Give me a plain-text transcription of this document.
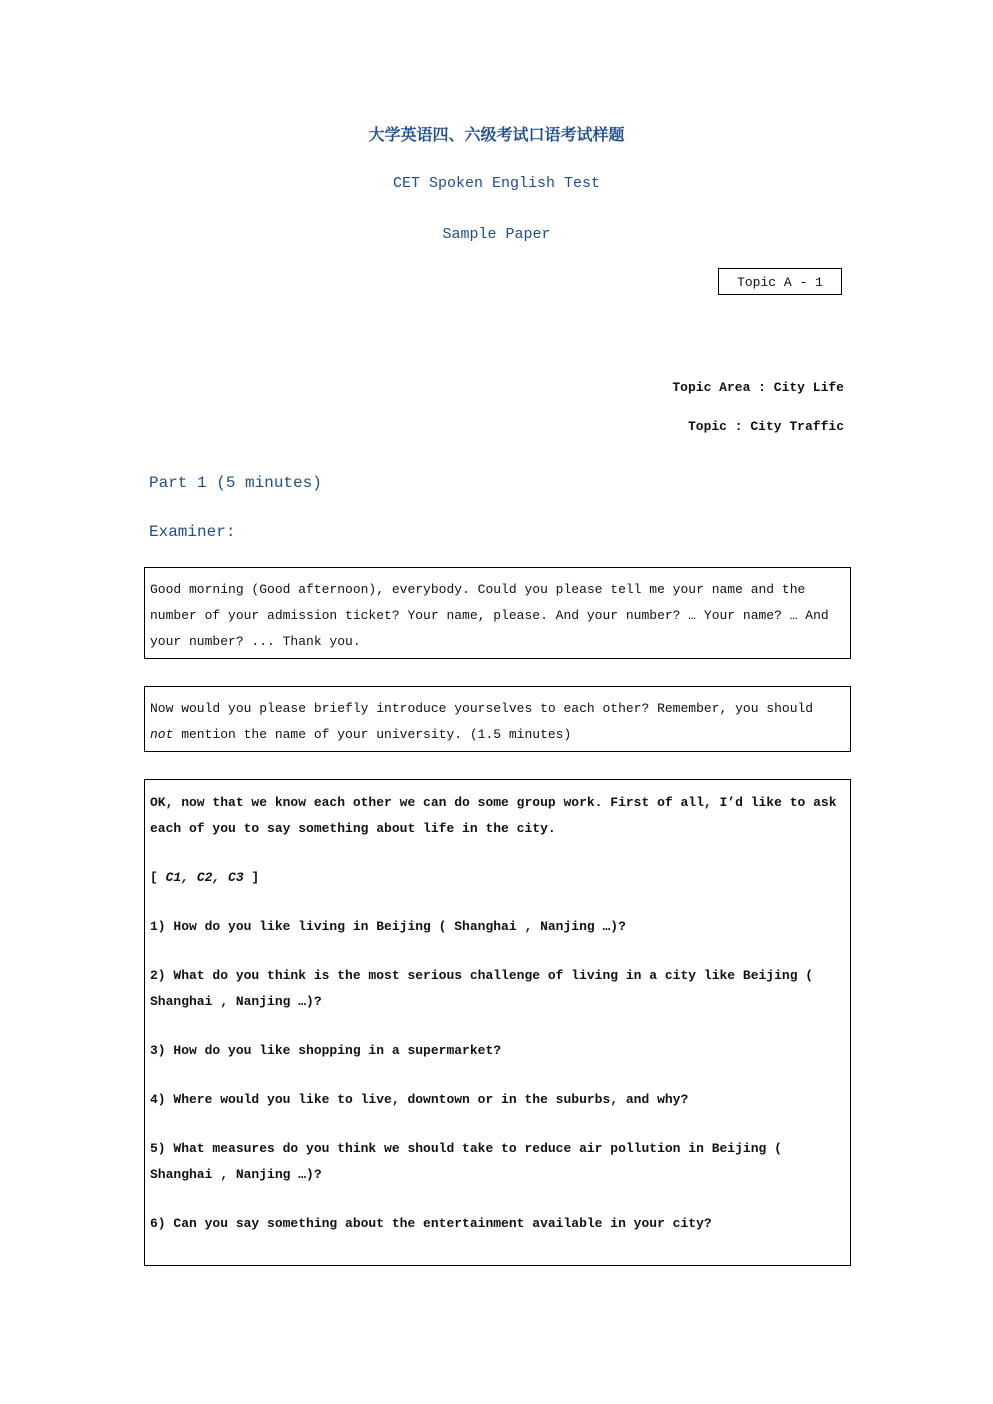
大学英语四、六级考试口语考试样题
CET Spoken English Test
Sample Paper
Topic A - 1
Topic Area : City Life
Topic : City Traffic
Part 1 (5 minutes)
Examiner:
Good morning (Good afternoon), everybody. Could you please tell me your name and the number of your admission ticket? Your name, please. And your number? … Your name? … And your number? ... Thank you.
Now would you please briefly introduce yourselves to each other? Remember, you should not mention the name of your university. (1.5 minutes)
OK, now that we know each other we can do some group work. First of all, I’d like to ask each of you to say something about life in the city.
[ C1, C2, C3 ]
1) How do you like living in Beijing ( Shanghai , Nanjing …)?
2) What do you think is the most serious challenge of living in a city like Beijing ( Shanghai , Nanjing …)?
3) How do you like shopping in a supermarket?
4) Where would you like to live, downtown or in the suburbs, and why?
5) What measures do you think we should take to reduce air pollution in Beijing ( Shanghai , Nanjing …)?
6) Can you say something about the entertainment available in your city?
